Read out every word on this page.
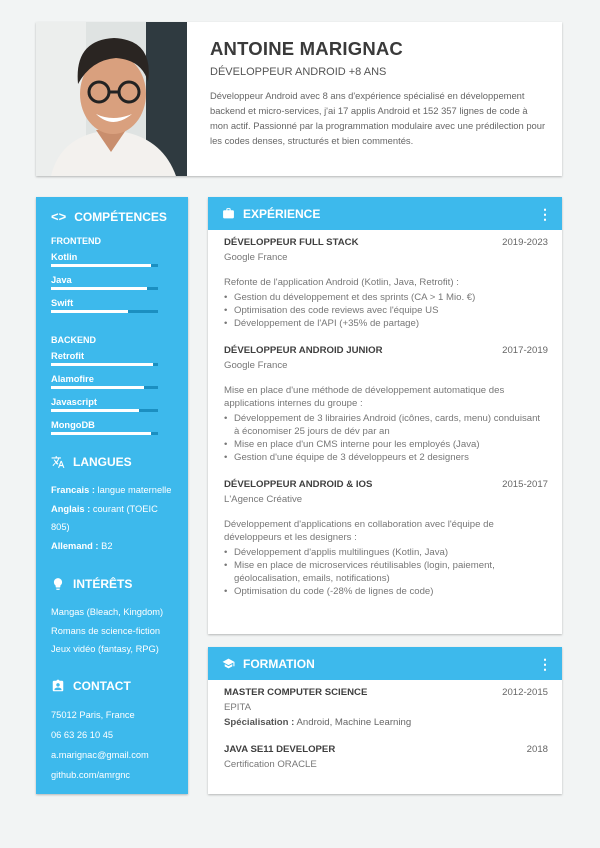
ANTOINE MARIGNAC
DÉVELOPPEUR ANDROID +8 ANS
Développeur Android avec 8 ans d'expérience spécialisé en développement backend et micro-services, j'ai 17 applis Android et 152 357 lignes de code à mon actif. Passionné par la programmation modulaire avec une prédilection pour les codes denses, structurés et bien commentés.
<> COMPÉTENCES
FRONTEND
Kotlin
Java
Swift
BACKEND
Retrofit
Alamofire
Javascript
MongoDB
LANGUES
Francais : langue maternelle
Anglais : courant (TOEIC 805)
Allemand : B2
INTÉRÊTS
Mangas (Bleach, Kingdom)
Romans de science-fiction
Jeux vidéo (fantasy, RPG)
CONTACT
75012 Paris, France
06 63 26 10 45
a.marignac@gmail.com
github.com/amrgnc
EXPÉRIENCE	⋮
DÉVELOPPEUR FULL STACK	2019-2023
Google France
Refonte de l'application Android (Kotlin, Java, Retrofit) :
• Gestion du développement et des sprints (CA > 1 Mio. €)
• Optimisation des code reviews avec l'équipe US
• Développement de l'API (+35% de partage)
DÉVELOPPEUR ANDROID JUNIOR	2017-2019
Google France
Mise en place d'une méthode de développement automatique des applications internes du groupe :
• Développement de 3 librairies Android (icônes, cards, menu) conduisant à économiser 25 jours de dév par an
• Mise en place d'un CMS interne pour les employés (Java)
• Gestion d'une équipe de 3 développeurs et 2 designers
DÉVELOPPEUR ANDROID & IOS	2015-2017
L'Agence Créative
Développement d'applications en collaboration avec l'équipe de développeurs et les designers :
• Développement d'applis multilingues (Kotlin, Java)
• Mise en place de microservices réutilisables (login, paiement, géolocalisation, emails, notifications)
• Optimisation du code (-28% de lignes de code)
FORMATION	⋮
MASTER COMPUTER SCIENCE	2012-2015
EPITA
Spécialisation : Android, Machine Learning
JAVA SE11 DEVELOPER	2018
Certification ORACLE
